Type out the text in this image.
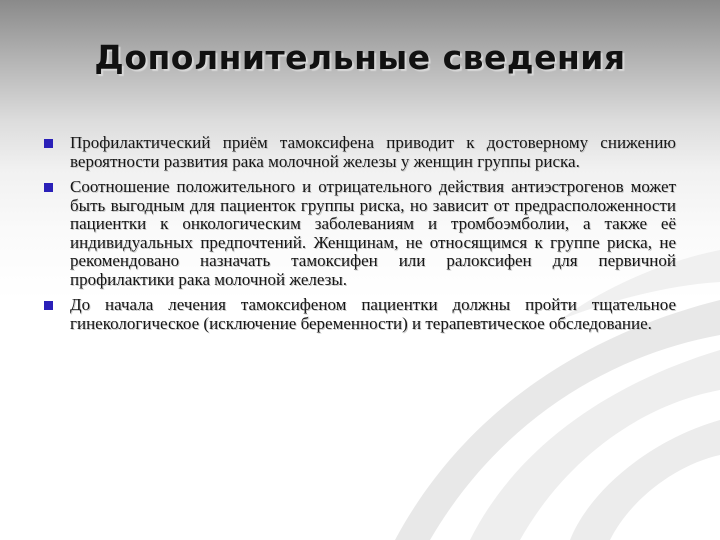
Дополнительные сведения
Профилактический приём тамоксифена приводит к достоверному снижению вероятности развития рака молочной железы у женщин группы риска.
Соотношение положительного и отрицательного действия антиэстрогенов может быть выгодным для пациенток группы риска, но зависит от предрасположенности пациентки к онкологическим заболеваниям и тромбоэмболии, а также её индивидуальных предпочтений. Женщинам, не относящимся к группе риска, не рекомендовано назначать тамоксифен или ралоксифен для первичной профилактики рака молочной железы.
До начала лечения тамоксифеном пациентки должны пройти тщательное гинекологическое (исключение беременности) и терапевтическое обследование.
